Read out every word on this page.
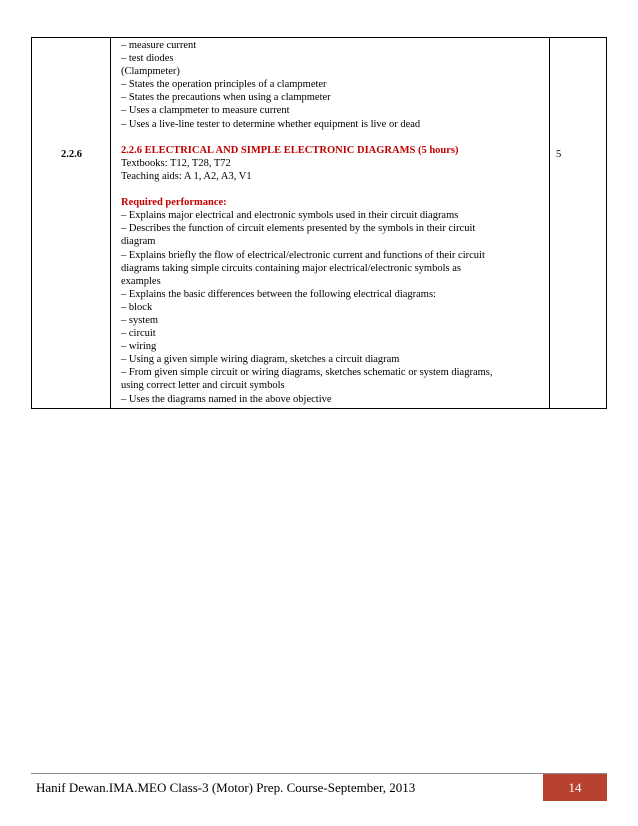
2.2.6	5
– measure current
– test diodes
(Clampmeter)
– States the operation principles of a clampmeter
– States the precautions when using a clampmeter
– Uses a clampmeter to measure current
– Uses a live-line tester to determine whether equipment is live or dead
2.2.6 ELECTRICAL AND SIMPLE ELECTRONIC DIAGRAMS (5 hours)
Textbooks: T12, T28, T72
Teaching aids: A 1, A2, A3, V1
Required performance:
– Explains major electrical and electronic symbols used in their circuit diagrams
– Describes the function of circuit elements presented by the symbols in their circuit
diagram
– Explains briefly the flow of electrical/electronic current and functions of their circuit
diagrams taking simple circuits containing major electrical/electronic symbols as
examples
– Explains the basic differences between the following electrical diagrams:
– block
– system
– circuit
– wiring
– Using a given simple wiring diagram, sketches a circuit diagram
– From given simple circuit or wiring diagrams, sketches schematic or system diagrams,
using correct letter and circuit symbols
– Uses the diagrams named in the above objective
Hanif Dewan.IMA.MEO Class-3 (Motor) Prep. Course-September, 2013	14
